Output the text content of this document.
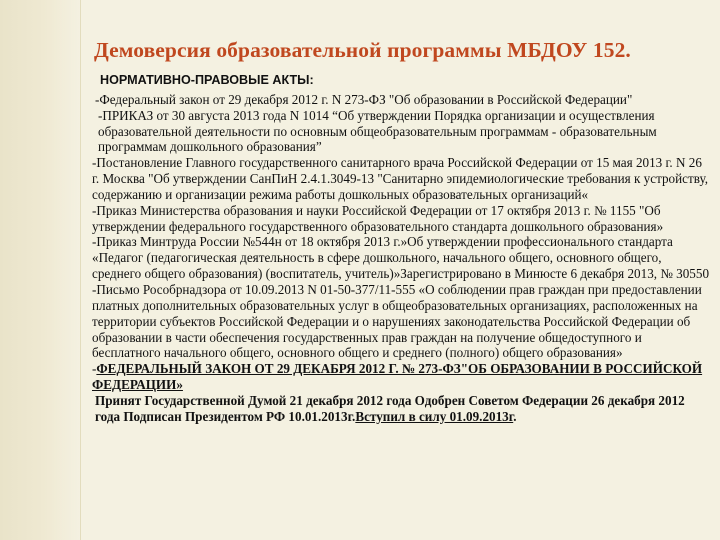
Демоверсия образовательной программы МБДОУ 152.

НОРМАТИВНО-ПРАВОВЫЕ АКТЫ:

-Федеральный закон от 29 декабря 2012 г. N 273-ФЗ "Об образовании в Российской Федерации"

-ПРИКАЗ от 30 августа 2013 года N 1014 “Об утверждении Порядка организации и осуществления образовательной деятельности по основным общеобразовательным программам - образовательным программам дошкольного образования”

-Постановление Главного государственного санитарного врача Российской Федерации от 15 мая 2013 г. N 26 г. Москва "Об утверждении СанПиН 2.4.1.3049-13 "Санитарно эпидемиологические требования к устройству, содержанию и организации режима работы дошкольных образовательных организаций«

-Приказ Министерства образования и науки Российской Федерации от 17 октября 2013 г. № 1155 "Об утверждении федерального государственного образовательного стандарта дошкольного образования»

-Приказ Минтруда России №544н от 18 октября 2013 г.»Об утверждении профессионального стандарта «Педагог (педагогическая деятельность в сфере дошкольного, начального общего, основного общего, среднего общего образования) (воспитатель, учитель)»Зарегистрировано в Минюсте 6 декабря 2013, № 30550

-Письмо Рособрнадзора от 10.09.2013 N 01-50-377/11-555 «О соблюдении прав граждан при предоставлении платных дополнительных образовательных услуг в общеобразовательных организациях, расположенных на территории субъектов Российской Федерации и о нарушениях законодательства Российской Федерации об образовании в части обеспечения государственных прав граждан на получение общедоступного и бесплатного начального общего, основного общего и среднего (полного) общего образования»

-ФЕДЕРАЛЬНЫЙ ЗАКОН ОТ 29 ДЕКАБРЯ 2012 Г. № 273-ФЗ"ОБ ОБРАЗОВАНИИ В РОССИЙСКОЙ ФЕДЕРАЦИИ»

Принят Государственной Думой 21 декабря 2012 года Одобрен Советом Федерации 26 декабря 2012 года Подписан Президентом РФ 10.01.2013г.Вступил в силу 01.09.2013г.
